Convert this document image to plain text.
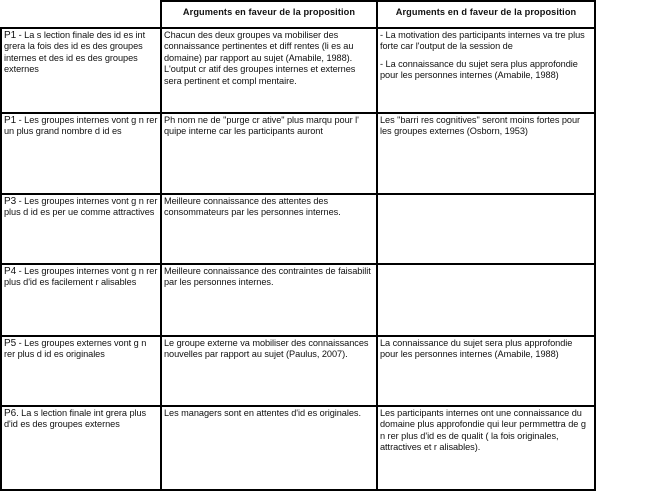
Arguments en faveur de la proposition	Arguments en d faveur de la proposition
P1 - La s lection finale des id es int grera la fois des id es des groupes internes et des id es des groupes externes
Chacun des deux groupes va mobiliser des connaissance pertinentes et diff rentes (li es au domaine) par rapport au sujet (Amabile, 1988). L'output cr atif des groupes internes et externes sera pertinent et compl mentaire.
- La motivation des participants internes va tre plus forte car l'output de la session de
- La connaissance du sujet sera plus approfondie pour les personnes internes (Amabile, 1988)
P1 - Les groupes internes vont g n rer un plus grand nombre d id es
Ph nom ne de "purge cr ative" plus marqu pour l' quipe interne car les participants auront
Les "barri res cognitives" seront moins fortes pour les groupes externes (Osborn, 1953)
P3 - Les groupes internes vont g n rer plus d id es per ue comme attractives
Meilleure connaissance des attentes des consommateurs par les personnes internes.
P4 - Les groupes internes vont g n rer plus d'id es facilement r alisables
Meilleure connaissance des contraintes de faisabilit par les personnes internes.
P5 - Les groupes externes vont g n rer plus d id es originales
Le groupe externe va mobiliser des connaissances nouvelles par rapport au sujet (Paulus, 2007).
La connaissance du sujet sera plus approfondie pour les personnes internes (Amabile, 1988)
P6. La s lection finale int grera plus d'id es des groupes externes
Les managers sont en attentes d'id es originales.	Les participants internes ont une connaissance du domaine plus approfondie qui leur permmettra de g n rer plus d'id es de qualit ( la fois originales, attractives et r alisables).
